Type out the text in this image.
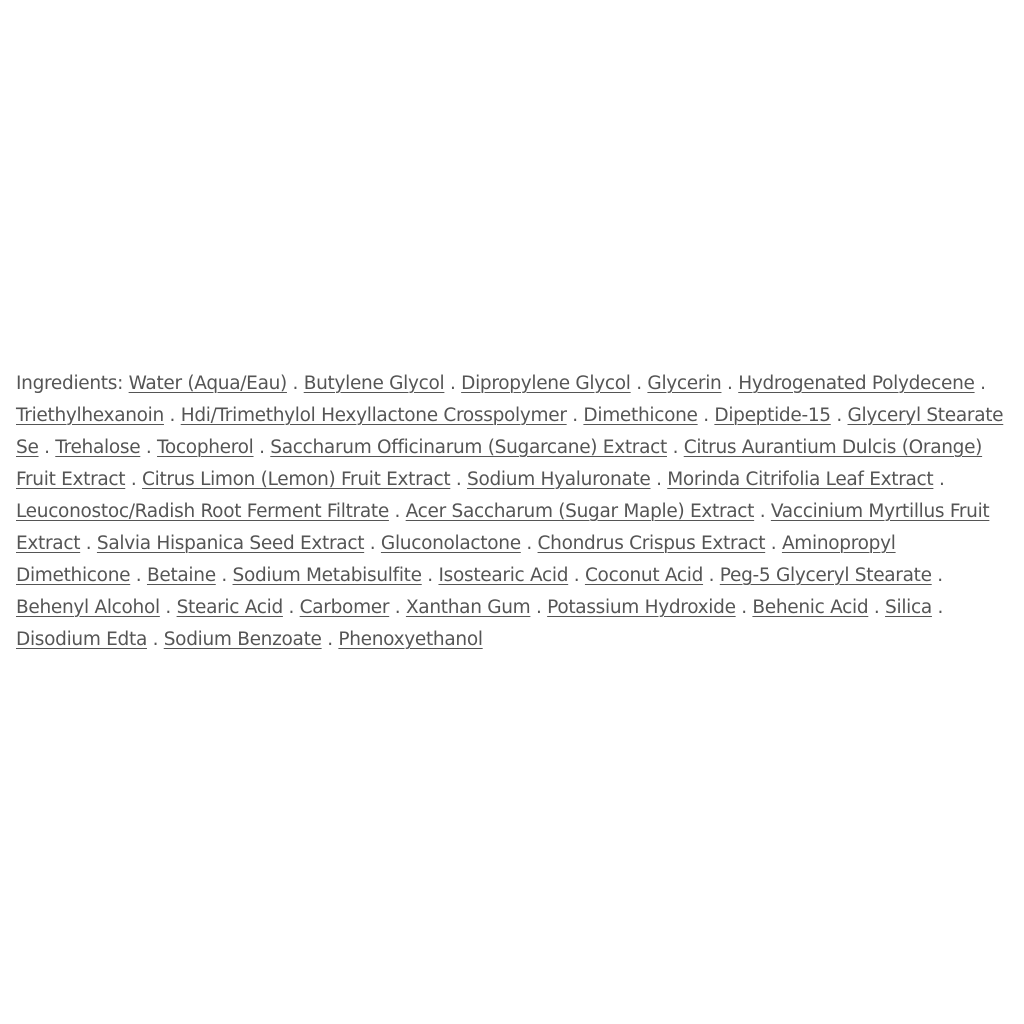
Ingredients: Water (Aqua/Eau) . Butylene Glycol . Dipropylene Glycol . Glycerin . Hydrogenated Polydecene . Triethylhexanoin . Hdi/Trimethylol Hexyllactone Crosspolymer . Dimethicone . Dipeptide-15 . Glyceryl Stearate Se . Trehalose . Tocopherol . Saccharum Officinarum (Sugarcane) Extract . Citrus Aurantium Dulcis (Orange) Fruit Extract . Citrus Limon (Lemon) Fruit Extract . Sodium Hyaluronate . Morinda Citrifolia Leaf Extract . Leuconostoc/Radish Root Ferment Filtrate . Acer Saccharum (Sugar Maple) Extract . Vaccinium Myrtillus Fruit Extract . Salvia Hispanica Seed Extract . Gluconolactone . Chondrus Crispus Extract . Aminopropyl Dimethicone . Betaine . Sodium Metabisulfite . Isostearic Acid . Coconut Acid . Peg-5 Glyceryl Stearate . Behenyl Alcohol . Stearic Acid . Carbomer . Xanthan Gum . Potassium Hydroxide . Behenic Acid . Silica . Disodium Edta . Sodium Benzoate . Phenoxyethanol
